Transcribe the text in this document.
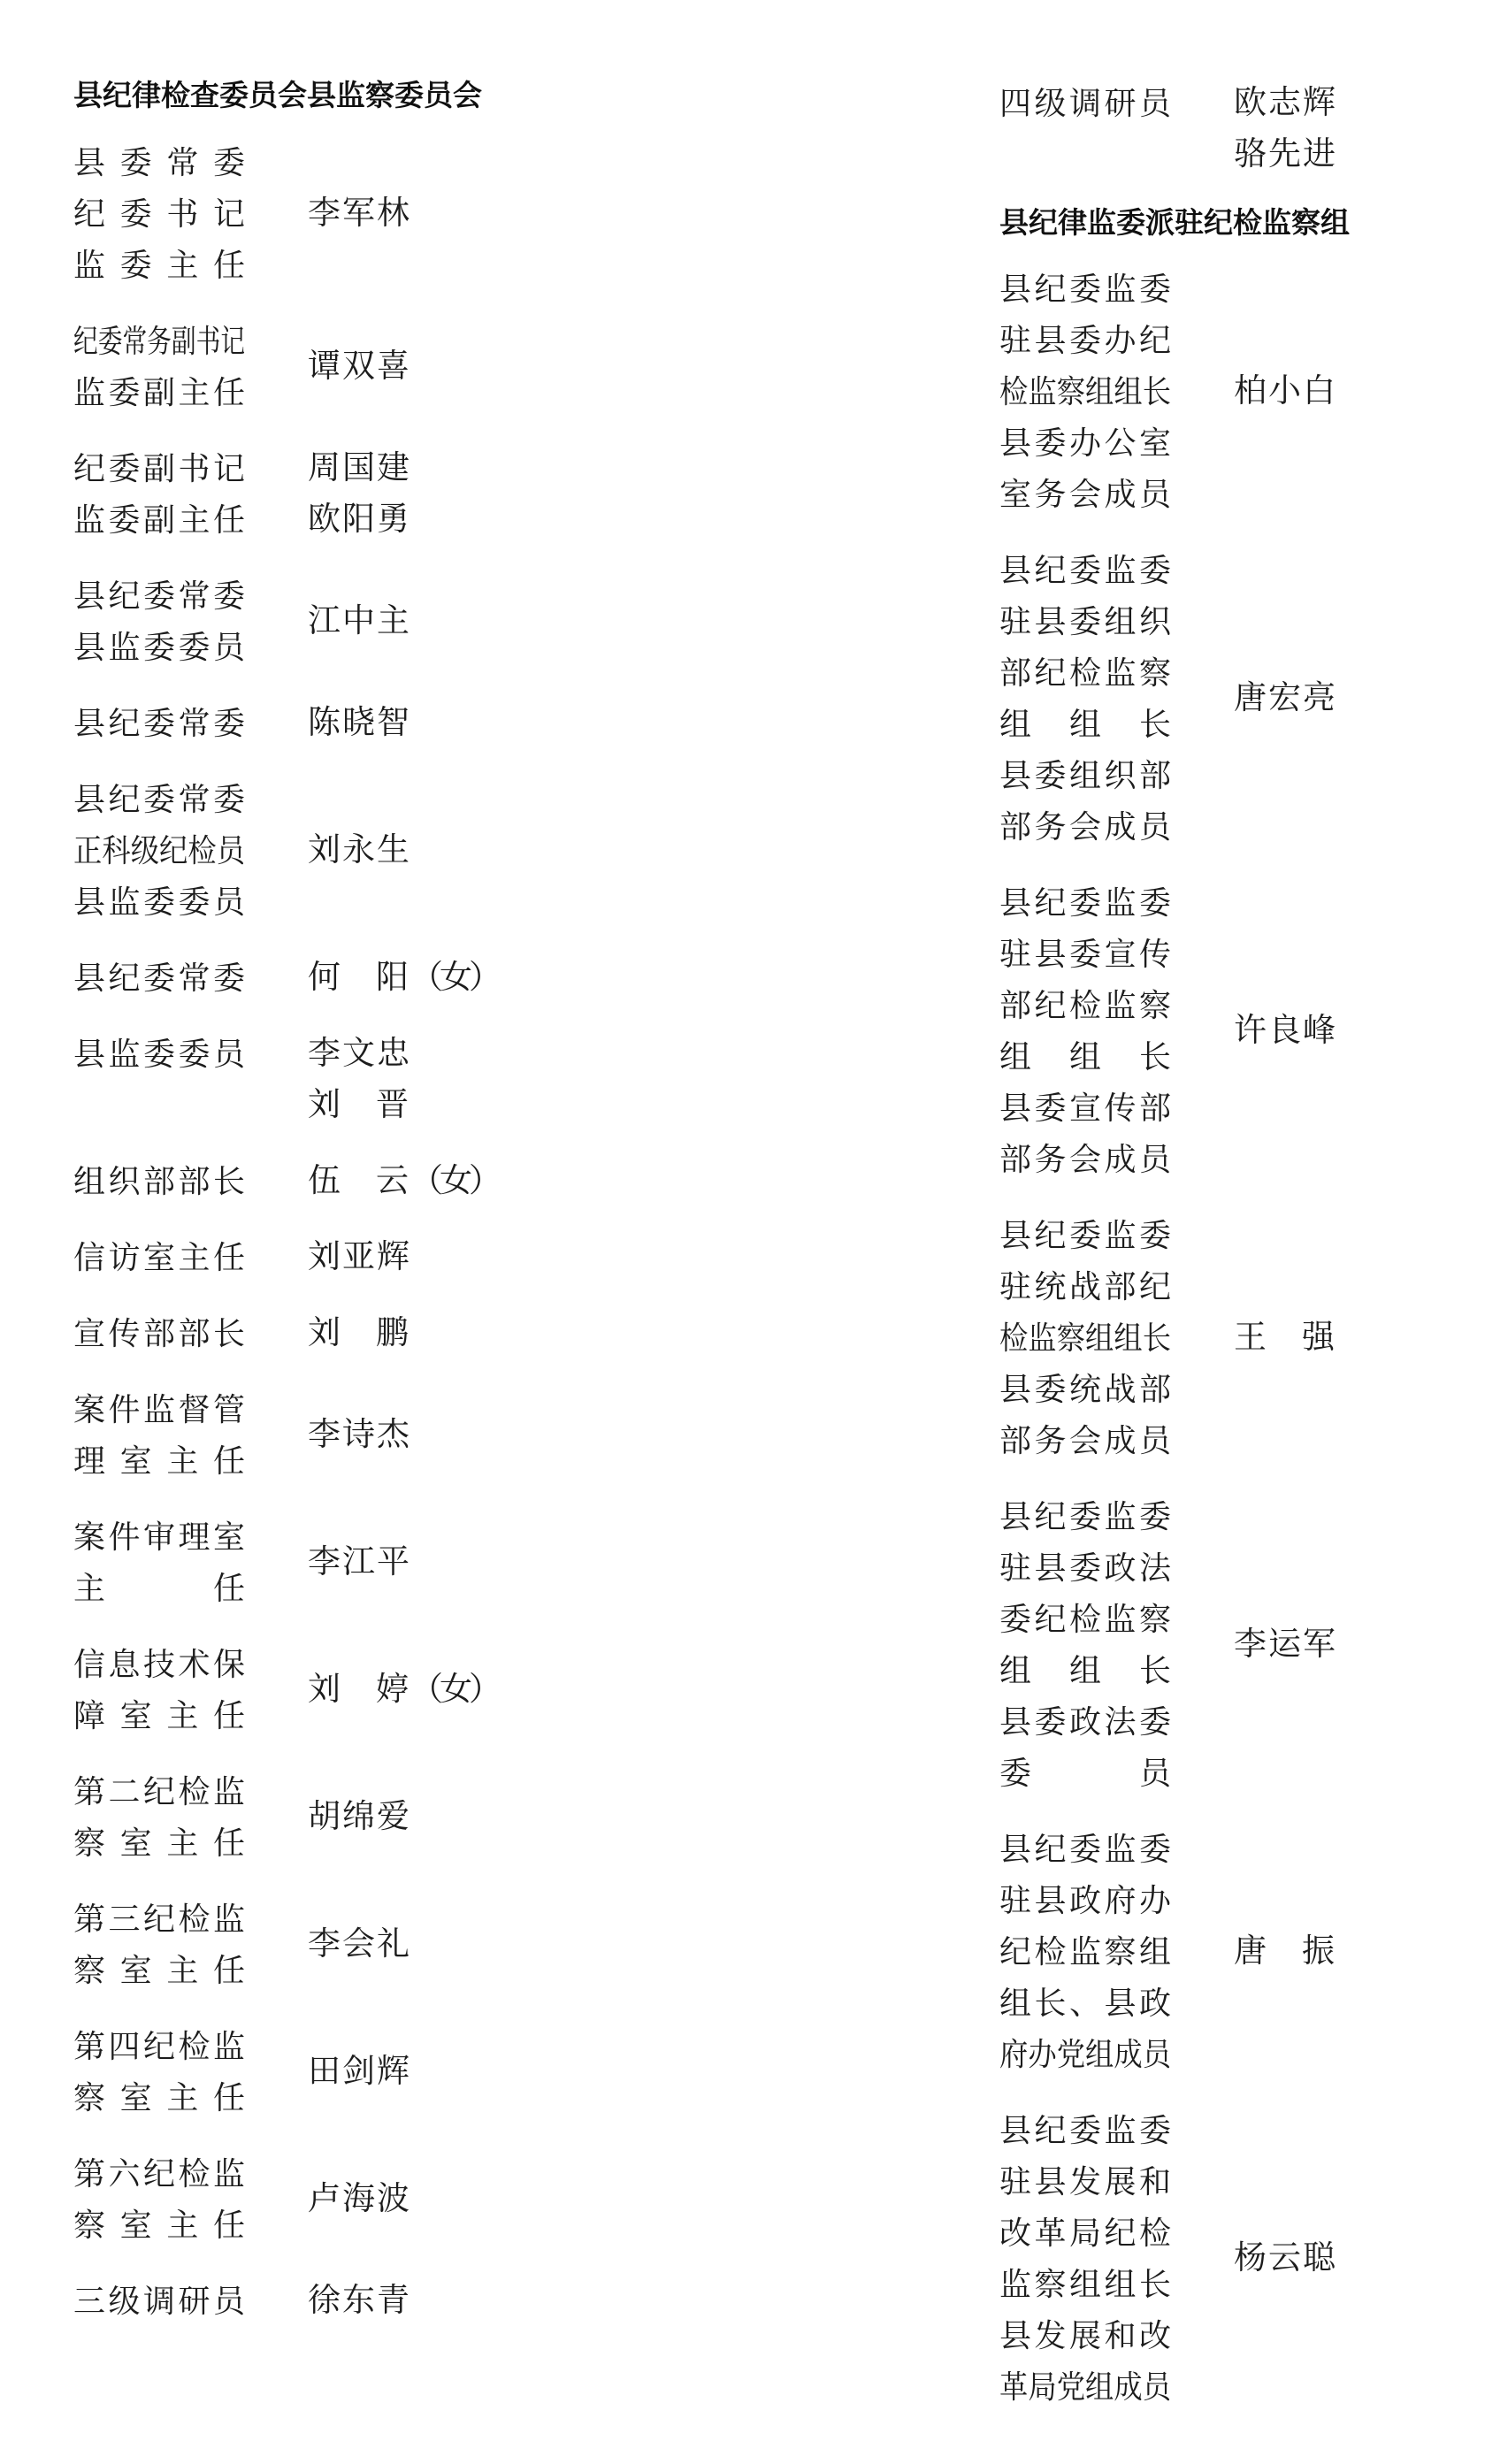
县纪律检查委员会县监察委员会
县 委 常 委
纪 委 书 记
监 委 主 任
李军林
纪 委 常 务 副 书 记
监 委 副 主 任
谭双喜
纪 委 副 书 记
监 委 副 主 任
周国建
欧阳勇
县 纪 委 常 委
县 监 委 委 员
江中主
县 纪 委 常 委 陈晓智
县 纪 委 常 委
正 科 级 纪 检 员
县 监 委 委 员
刘永生
县 纪 委 常 委 何 阳 （女）
县 监 委 委 员 李文忠
刘 晋
组 织 部 部 长 伍 云 （女）
信 访 室 主 任 刘亚辉
宣 传 部 部 长 刘 鹏
案 件 监 督 管
理 室 主 任
李诗杰
案 件 审 理 室
主	任
李江平
信 息 技 术 保
障 室 主 任
刘 婷 （女）
第 二 纪 检 监
察 室 主 任
胡绵爱
第 三 纪 检 监
察 室 主 任
李会礼
第 四 纪 检 监
察 室 主 任
田剑辉
第 六 纪 检 监
察 室 主 任
卢海波
三 级 调 研 员 徐东青
四 级 调 研 员 欧志辉
骆先进
县纪律监委派驻纪检监察组
县 纪 委 监 委
驻 县 委 办 纪
检 监 察 组 组 长
县 委 办 公 室
室 务 会 成 员
柏小白
县 纪 委 监 委
驻 县 委 组 织
部 纪 检 监 察
组 组 长
县 委 组 织 部
部 务 会 成 员
唐宏亮
县 纪 委 监 委
驻 县 委 宣 传
部 纪 检 监 察
组 组 长
县 委 宣 传 部
部 务 会 成 员
许良峰
县 纪 委 监 委
驻 统 战 部 纪
检 监 察 组 组 长
县 委 统 战 部
部 务 会 成 员
王 强
县 纪 委 监 委
驻 县 委 政 法
委 纪 检 监 察
组 组 长
县 委 政 法 委
委	员
李运军
县 纪 委 监 委
驻 县 政 府 办
纪 检 监 察 组
组 长 、 县 政
府 办 党 组 成 员
唐 振
县 纪 委 监 委
驻 县 发 展 和
改 革 局 纪 检
监 察 组 组 长
县 发 展 和 改
革 局 党 组 成 员
杨云聪
